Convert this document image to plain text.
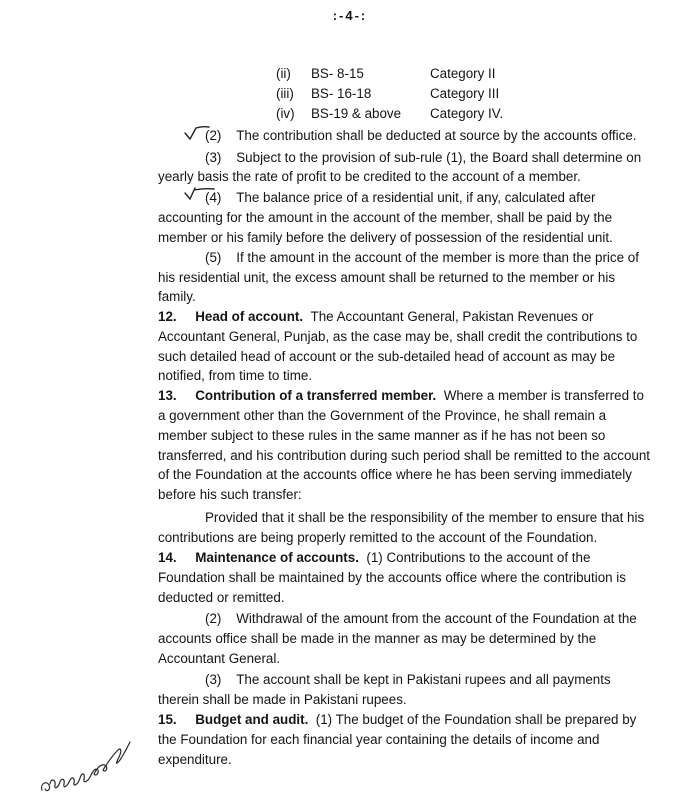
:-4-:
(ii) BS- 8-15	Category II
(iii) BS- 16-18	Category III
(iv) BS-19 & above Category IV.
(2)    The contribution shall be deducted at source by the accounts office.
(3)    Subject to the provision of sub-rule (1), the Board shall determine on
yearly basis the rate of profit to be credited to the account of a member.
(4)    The balance price of a residential unit, if any, calculated after
accounting for the amount in the account of the member, shall be paid by the
member or his family before the delivery of possession of the residential unit.
(5)    If the amount in the account of the member is more than the price of
his residential unit, the excess amount shall be returned to the member or his
family.
12.     Head of account.  The Accountant General, Pakistan Revenues or
Accountant General, Punjab, as the case may be, shall credit the contributions to
such detailed head of account or the sub-detailed head of account as may be
notified, from time to time.
13.     Contribution of a transferred member.  Where a member is transferred to
a government other than the Government of the Province, he shall remain a
member subject to these rules in the same manner as if he has not been so
transferred, and his contribution during such period shall be remitted to the account
of the Foundation at the accounts office where he has been serving immediately
before his such transfer:
Provided that it shall be the responsibility of the member to ensure that his
contributions are being properly remitted to the account of the Foundation.
14.     Maintenance of accounts.  (1) Contributions to the account of the
Foundation shall be maintained by the accounts office where the contribution is
deducted or remitted.
(2)    Withdrawal of the amount from the account of the Foundation at the
accounts office shall be made in the manner as may be determined by the
Accountant General.
(3)    The account shall be kept in Pakistani rupees and all payments
therein shall be made in Pakistani rupees.
15.     Budget and audit.  (1) The budget of the Foundation shall be prepared by
the Foundation for each financial year containing the details of income and
expenditure.
